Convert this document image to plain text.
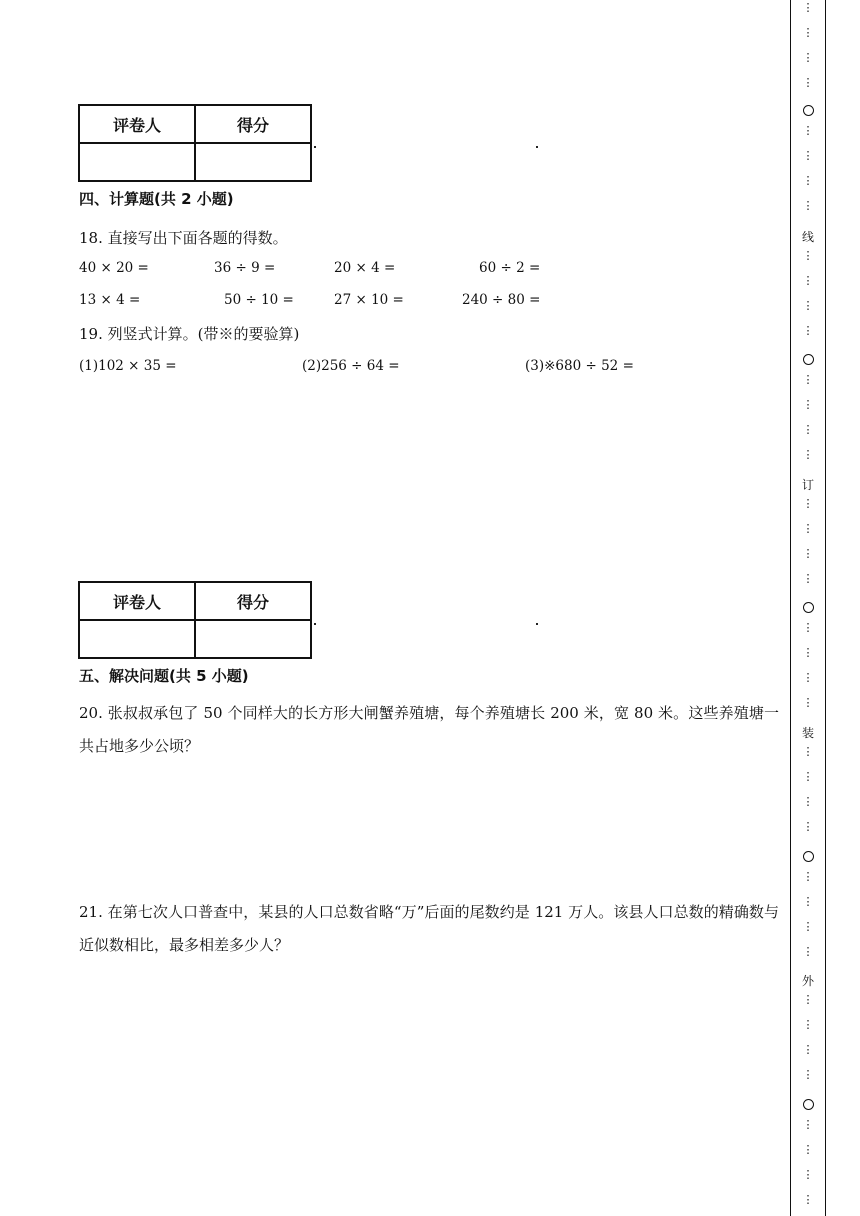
评卷人	得分

四、计算题(共 2 小题)
18. 直接写出下面各题的得数。
40 × 20 =	36 ÷ 9 =	20 × 4 =	60 ÷ 2 =
13 × 4 =	50 ÷ 10 =	27 × 10 =	240 ÷ 80 =
19. 列竖式计算。(带※的要验算)
(1)102 × 35 =	(2)256 ÷ 64 =	(3)※680 ÷ 52 =
评卷人	得分

五、解决问题(共 5 小题)
20. 张叔叔承包了 50 个同样大的长方形大闸蟹养殖塘，每个养殖塘长 200 米，宽 80 米。这些养殖塘一共占地多少公顷？
21. 在第七次人口普查中，某县的人口总数省略“万”后面的尾数约是 121 万人。该县人口总数的精确数与近似数相比，最多相差多少人？
⋮
⋮
⋮
⋮
⋮
⋮
⋮
⋮
线
⋮
⋮
⋮
⋮
⋮
⋮
⋮
⋮
订
⋮
⋮
⋮
⋮
⋮
⋮
⋮
⋮
装
⋮
⋮
⋮
⋮
⋮
⋮
⋮
⋮
外
⋮
⋮
⋮
⋮
⋮
⋮
⋮
⋮
